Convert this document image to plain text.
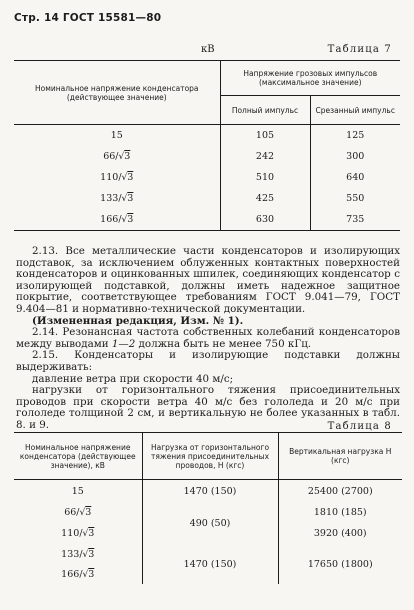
Стр. 14 ГОСТ 15581—80
кВ	Таблица 7
Номинальное напряжение конденсатора (действующее значение)	Напряжение грозовых импульсов (максимальное значение)	
	Полный импульс	Срезанный импульс
15	105	125
66/√3	242	300
110/√3	510	640
133/√3	425	550
166/√3	630	735

2.13. Все металлические части конденсаторов и изолирующих подставок, за исключением облуженных контактных поверхностей конденсаторов и оцинкованных шпилек, соединяющих конденсатор с изолирующей подставкой, должны иметь надежное защитное покрытие, соответствующее требованиям ГОСТ 9.041—79, ГОСТ 9.404—81 и нормативно-технической документации.

(Измененная редакция, Изм. № 1).

2.14. Резонансная частота собственных колебаний конденсаторов между выводами 1—2 должна быть не менее 750 кГц.

2.15. Конденсаторы и изолирующие подставки должны выдерживать:

давление ветра при скорости 40 м/с;

нагрузки от горизонтального тяжения присоединительных проводов при скорости ветра 40 м/с без гололеда и 20 м/с при гололеде толщиной 2 см, и вертикальную не более указанных в табл. 8. и 9.	Таблица 8
Номинальное напряжение конденсатора (действующее значение), кВ	Нагрузка от горизонтального тяжения присоединительных проводов, Н (кгс)	Вертикальная нагрузка Н (кгс)
15	1470 (150)	25400 (2700)
66/√3	490 (50)	1810 (185)
110/√3		3920 (400)
133/√3	1470 (150)	17650 (1800)
166/√3		
